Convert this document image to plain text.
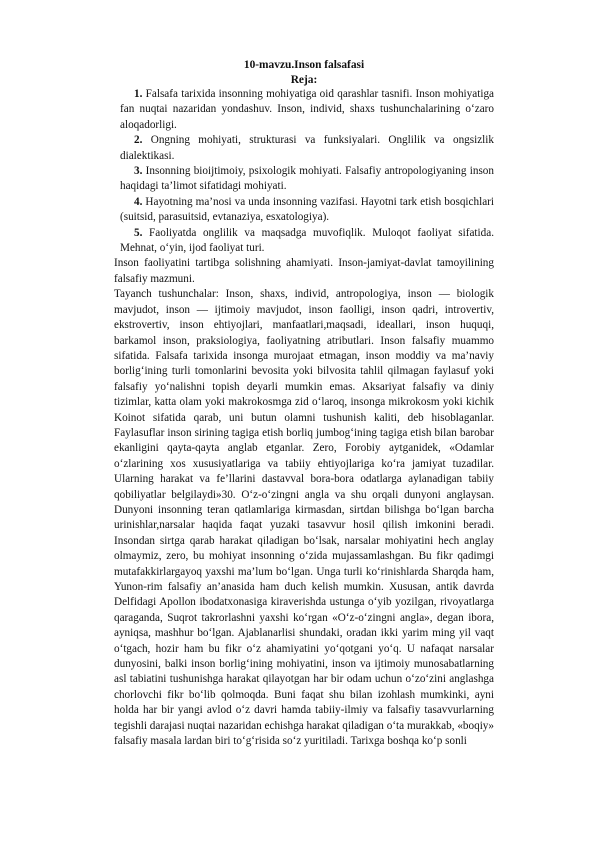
10-mavzu.Inson falsafasi
Reja:

1. Falsafa tarixida insonning mohiyatiga oid qarashlar tasnifi. Inson mohiyatiga fan nuqtai nazaridan yondashuv. Inson, individ, shaxs tushunchalarining o‘zaro aloqadorligi.

2. Ongning mohiyati, strukturasi va funksiyalari. Onglilik va ongsizlik dialektikasi.

3. Insonning bioijtimoiy, psixologik mohiyati. Falsafiy antropologiyaning inson haqidagi ta’limot sifatidagi mohiyati.

4. Hayotning ma’nosi va unda insonning vazifasi. Hayotni tark etish bosqichlari (suitsid, parasuitsid, evtanaziya, esxatologiya).

5. Faoliyatda onglilik va maqsadga muvofiqlik. Muloqot faoliyat sifatida. Mehnat, o‘yin, ijod faoliyat turi.

Inson faoliyatini tartibga solishning ahamiyati. Inson-jamiyat-davlat tamoyilining falsafiy mazmuni.

Tayanch tushunchalar: Inson, shaxs, individ, antropologiya, inson — biologik mavjudot, inson — ijtimoiy mavjudot, inson faolligi, inson qadri, introvertiv, ekstrovertiv, inson ehtiyojlari, manfaatlari,maqsadi, ideallari, inson huquqi, barkamol inson, praksiologiya, faoliyatning atributlari. Inson falsafiy muammo sifatida. Falsafa tarixida insonga murojaat etmagan, inson moddiy va ma’naviy borlig‘ining turli tomonlarini bevosita yoki bilvosita tahlil qilmagan faylasuf yoki falsafiy yo‘nalishni topish deyarli mumkin emas. Aksariyat falsafiy va diniy tizimlar, katta olam yoki makrokosmga zid o‘laroq, insonga mikrokosm yoki kichik Koinot sifatida qarab, uni butun olamni tushunish kaliti, deb hisoblaganlar. Faylasuflar inson sirining tagiga etish borliq jumbog‘ining tagiga etish bilan barobar ekanligini qayta-qayta anglab etganlar. Zero, Forobiy aytganidek, «Odamlar o‘zlarining xos xususiyatlariga va tabiiy ehtiyojlariga ko‘ra jamiyat tuzadilar. Ularning harakat va fe’llarini dastavval bora-bora odatlarga aylanadigan tabiiy qobiliyatlar belgilaydi»30. O‘z-o‘zingni angla va shu orqali dunyoni anglaysan. Dunyoni insonning teran qatlamlariga kirmasdan, sirtdan bilishga bo‘lgan barcha urinishlar,narsalar haqida faqat yuzaki tasavvur hosil qilish imkonini beradi. Insondan sirtga qarab harakat qiladigan bo‘lsak, narsalar mohiyatini hech anglay olmaymiz, zero, bu mohiyat insonning o‘zida mujassamlashgan. Bu fikr qadimgi mutafakkirlargayoq yaxshi ma’lum bo‘lgan. Unga turli ko‘rinishlarda Sharqda ham, Yunon-rim falsafiy an’anasida ham duch kelish mumkin. Xususan, antik davrda Delfidagi Apollon ibodatxonasiga kiraverishda ustunga o‘yib yozilgan, rivoyatlarga qaraganda, Suqrot takrorlashni yaxshi ko‘rgan «O‘z-o‘zingni angla», degan ibora, ayniqsa, mashhur bo‘lgan. Ajablanarlisi shundaki, oradan ikki yarim ming yil vaqt o‘tgach, hozir ham bu fikr o‘z ahamiyatini yo‘qotgani yo‘q. U nafaqat narsalar dunyosini, balki inson borlig‘ining mohiyatini, inson va ijtimoiy munosabatlarning asl tabiatini tushunishga harakat qilayotgan har bir odam uchun o‘zo‘zini anglashga chorlovchi fikr bo‘lib qolmoqda. Buni faqat shu bilan izohlash mumkinki, ayni holda har bir yangi avlod o‘z davri hamda tabiiy-ilmiy va falsafiy tasavvurlarning tegishli darajasi nuqtai nazaridan echishga harakat qiladigan o‘ta murakkab, «boqiy» falsafiy masala lardan biri to‘g‘risida so‘z yuritiladi. Tarixga boshqa ko‘p sonli
